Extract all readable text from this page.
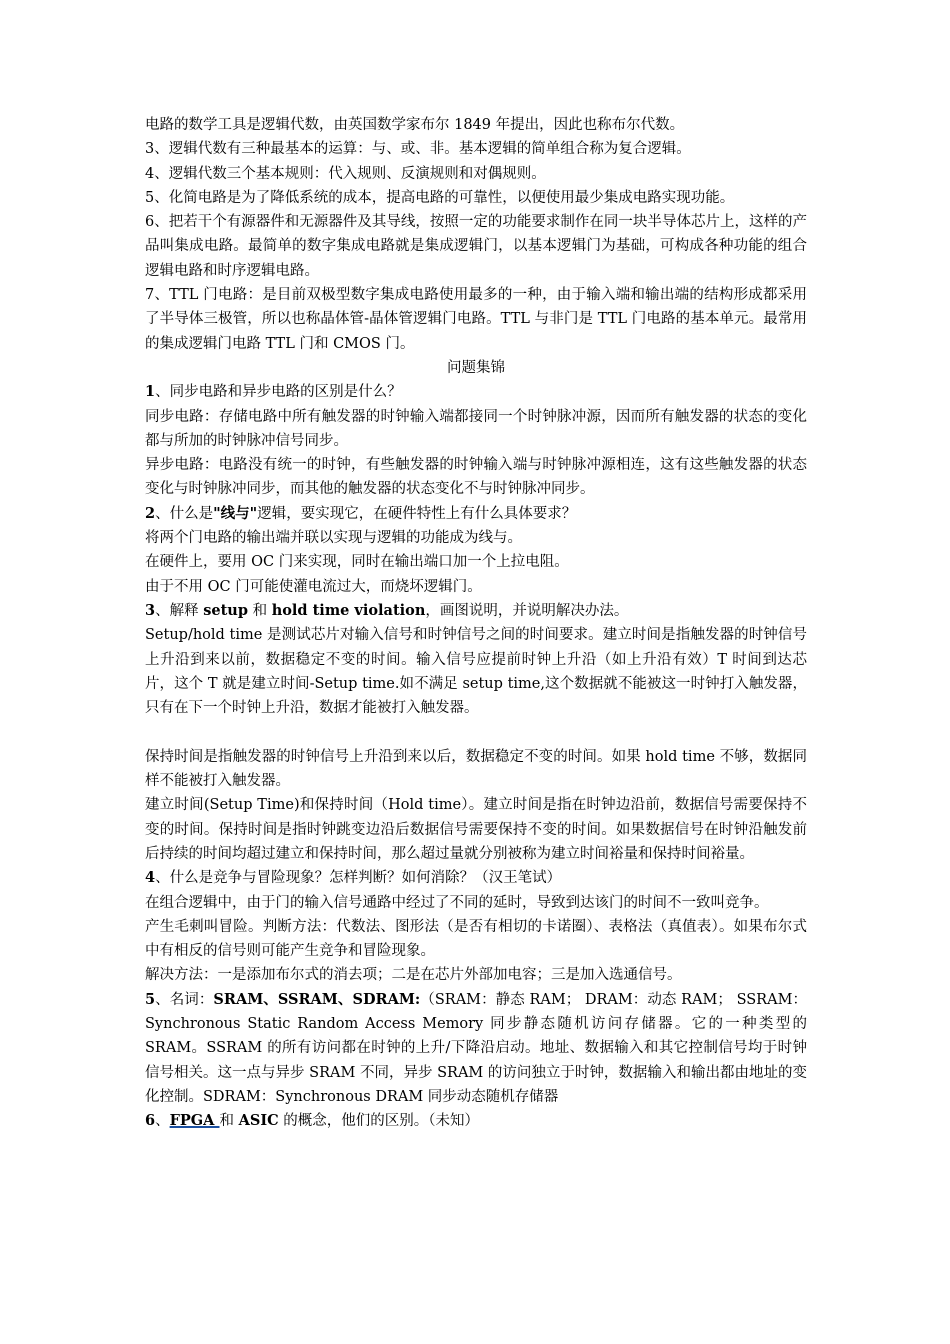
电路的数学工具是逻辑代数，由英国数学家布尔 1849 年提出，因此也称布尔代数。

3、逻辑代数有三种最基本的运算：与、或、非。基本逻辑的简单组合称为复合逻辑。

4、逻辑代数三个基本规则：代入规则、反演规则和对偶规则。

5、化简电路是为了降低系统的成本，提高电路的可靠性，以便使用最少集成电路实现功能。

6、把若干个有源器件和无源器件及其导线，按照一定的功能要求制作在同一块半导体芯片上，这样的产品叫集成电路。最简单的数字集成电路就是集成逻辑门，以基本逻辑门为基础，可构成各种功能的组合逻辑电路和时序逻辑电路。

7、TTL 门电路：是目前双极型数字集成电路使用最多的一种，由于输入端和输出端的结构形成都采用了半导体三极管，所以也称晶体管-晶体管逻辑门电路。TTL 与非门是 TTL 门电路的基本单元。最常用的集成逻辑门电路 TTL 门和 CMOS 门。

问题集锦

1、同步电路和异步电路的区别是什么？

同步电路：存储电路中所有触发器的时钟输入端都接同一个时钟脉冲源，因而所有触发器的状态的变化都与所加的时钟脉冲信号同步。

异步电路：电路没有统一的时钟，有些触发器的时钟输入端与时钟脉冲源相连，这有这些触发器的状态变化与时钟脉冲同步，而其他的触发器的状态变化不与时钟脉冲同步。

2、什么是"线与"逻辑，要实现它，在硬件特性上有什么具体要求？

将两个门电路的输出端并联以实现与逻辑的功能成为线与。

在硬件上，要用 OC 门来实现，同时在输出端口加一个上拉电阻。

由于不用 OC 门可能使灌电流过大，而烧坏逻辑门。

3、解释 setup 和 hold time violation，画图说明，并说明解决办法。

Setup/hold time 是测试芯片对输入信号和时钟信号之间的时间要求。建立时间是指触发器的时钟信号上升沿到来以前，数据稳定不变的时间。输入信号应提前时钟上升沿（如上升沿有效）T 时间到达芯片，这个 T 就是建立时间-Setup time.如不满足 setup time,这个数据就不能被这一时钟打入触发器，只有在下一个时钟上升沿，数据才能被打入触发器。

保持时间是指触发器的时钟信号上升沿到来以后，数据稳定不变的时间。如果 hold time 不够，数据同样不能被打入触发器。

建立时间(Setup Time)和保持时间（Hold time）。建立时间是指在时钟边沿前，数据信号需要保持不变的时间。保持时间是指时钟跳变边沿后数据信号需要保持不变的时间。如果数据信号在时钟沿触发前后持续的时间均超过建立和保持时间，那么超过量就分别被称为建立时间裕量和保持时间裕量。

4、什么是竞争与冒险现象？怎样判断？如何消除？（汉王笔试）

在组合逻辑中，由于门的输入信号通路中经过了不同的延时，导致到达该门的时间不一致叫竞争。

产生毛刺叫冒险。判断方法：代数法、图形法（是否有相切的卡诺圈）、表格法（真值表）。如果布尔式中有相反的信号则可能产生竞争和冒险现象。

解决方法：一是添加布尔式的消去项；二是在芯片外部加电容；三是加入选通信号。

5、名词：SRAM、SSRAM、SDRAM:（SRAM：静态 RAM； DRAM：动态 RAM； SSRAM：Synchronous Static Random Access Memory 同步静态随机访问存储器。它的一种类型的 SRAM。SSRAM 的所有访问都在时钟的上升/下降沿启动。地址、数据输入和其它控制信号均于时钟信号相关。这一点与异步 SRAM 不同，异步 SRAM 的访问独立于时钟，数据输入和输出都由地址的变化控制。SDRAM：Synchronous DRAM 同步动态随机存储器

6、FPGA 和 ASIC 的概念，他们的区别。（未知）
